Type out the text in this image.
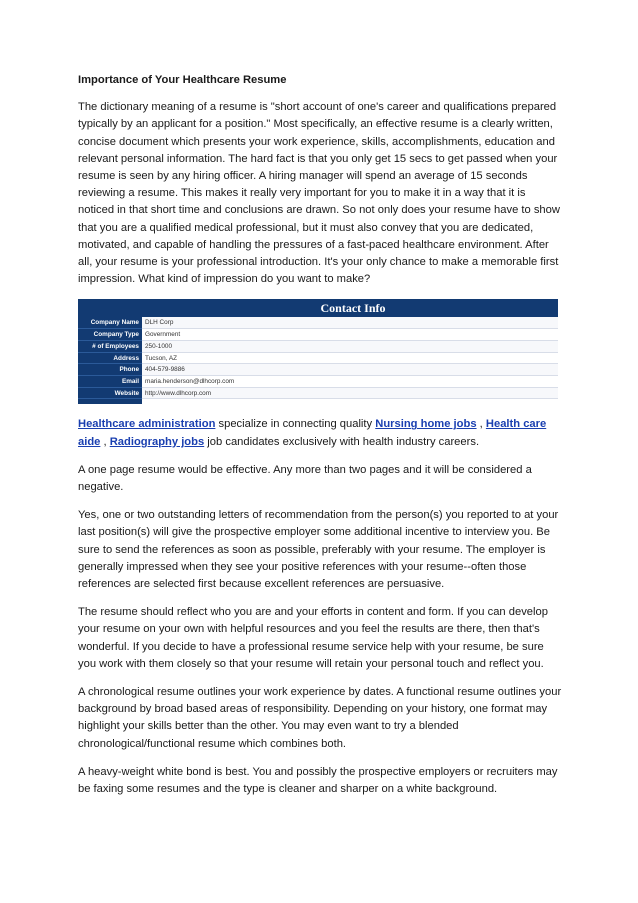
Importance of Your Healthcare Resume

The dictionary meaning of a resume is "short account of one's career and qualifications prepared typically by an applicant for a position." Most specifically, an effective resume is a clearly written, concise document which presents your work experience, skills, accomplishments, education and relevant personal information. The hard fact is that you only get 15 secs to get passed when your resume is seen by any hiring officer. A hiring manager will spend an average of 15 seconds reviewing a resume. This makes it really very important for you to make it in a way that it is noticed in that short time and conclusions are drawn. So not only does your resume have to show that you are a qualified medical professional, but it must also convey that you are dedicated, motivated, and capable of handling the pressures of a fast-paced healthcare environment. After all, your resume is your professional introduction. It's your only chance to make a memorable first impression. What kind of impression do you want to make?

Contact Info
Company Name
Company Type
# of Employees
Address
Phone
Email
Website
DLH Corp
Government
250-1000
Tucson, AZ
404-579-9886
maria.henderson@dlhcorp.com
http://www.dlhcorp.com

Healthcare administration specialize in connecting quality Nursing home jobs , Health care aide , Radiography jobs job candidates exclusively with health industry careers.

A one page resume would be effective. Any more than two pages and it will be considered a negative.

Yes, one or two outstanding letters of recommendation from the person(s) you reported to at your last position(s) will give the prospective employer some additional incentive to interview you. Be sure to send the references as soon as possible, preferably with your resume. The employer is generally impressed when they see your positive references with your resume--often those references are selected first because excellent references are persuasive.

The resume should reflect who you are and your efforts in content and form. If you can develop your resume on your own with helpful resources and you feel the results are there, then that's wonderful. If you decide to have a professional resume service help with your resume, be sure you work with them closely so that your resume will retain your personal touch and reflect you.

A chronological resume outlines your work experience by dates. A functional resume outlines your background by broad based areas of responsibility. Depending on your history, one format may highlight your skills better than the other. You may even want to try a blended chronological/functional resume which combines both.

A heavy-weight white bond is best. You and possibly the prospective employers or recruiters may be faxing some resumes and the type is cleaner and sharper on a white background.
